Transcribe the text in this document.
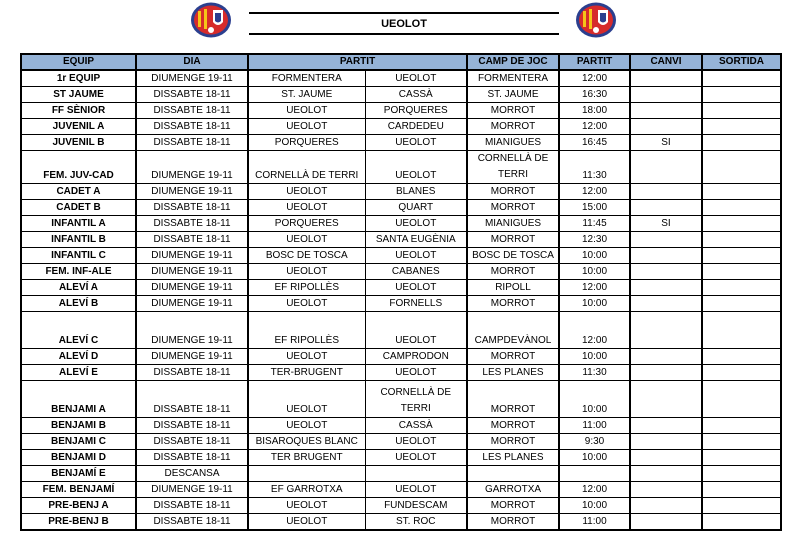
UEOLOT
EQUIP	DIA	PARTIT		CAMP DE JOC	PARTIT	CANVI	SORTIDA
1r EQUIP	DIUMENGE 19-11	FORMENTERA	UEOLOT	FORMENTERA	12:00		
ST JAUME	DISSABTE 18-11	ST. JAUME	CASSÀ	ST. JAUME	16:30		
FF SÈNIOR	DISSABTE 18-11	UEOLOT	PORQUERES	MORROT	18:00		
JUVENIL A	DISSABTE 18-11	UEOLOT	CARDEDEU	MORROT	12:00		
JUVENIL B	DISSABTE 18-11	PORQUERES	UEOLOT	MIANIGUES	16:45	SI	
FEM. JUV-CAD	DIUMENGE 19-11	CORNELLÀ DE TERRI	UEOLOT	CORNELLÀ DE TERRI	11:30		
CADET A	DIUMENGE 19-11	UEOLOT	BLANES	MORROT	12:00		
CADET B	DISSABTE 18-11	UEOLOT	QUART	MORROT	15:00		
INFANTIL A	DISSABTE 18-11	PORQUERES	UEOLOT	MIANIGUES	11:45	SI	
INFANTIL B	DISSABTE 18-11	UEOLOT	SANTA EUGÈNIA	MORROT	12:30		
INFANTIL C	DIUMENGE 19-11	BOSC DE TOSCA	UEOLOT	BOSC DE TOSCA	10:00		
FEM. INF-ALE	DIUMENGE 19-11	UEOLOT	CABANES	MORROT	10:00		
ALEVÍ A	DIUMENGE 19-11	EF RIPOLLÈS	UEOLOT	RIPOLL	12:00		
ALEVÍ B	DIUMENGE 19-11	UEOLOT	FORNELLS	MORROT	10:00		
ALEVÍ C	DIUMENGE 19-11	EF RIPOLLÈS	UEOLOT	CAMPDEVÀNOL	12:00		
ALEVÍ D	DIUMENGE 19-11	UEOLOT	CAMPRODON	MORROT	10:00		
ALEVÍ E	DISSABTE 18-11	TER-BRUGENT	UEOLOT	LES PLANES	11:30		
BENJAMI A	DISSABTE 18-11	UEOLOT	CORNELLÀ DE TERRI	MORROT	10:00		
BENJAMI B	DISSABTE 18-11	UEOLOT	CASSÀ	MORROT	11:00		
BENJAMI C	DISSABTE 18-11	BISAROQUES BLANC	UEOLOT	MORROT	9:30		
BENJAMI D	DISSABTE 18-11	TER BRUGENT	UEOLOT	LES PLANES	10:00		
BENJAMÍ E	DESCANSA						
FEM. BENJAMÍ	DIUMENGE 19-11	EF GARROTXA	UEOLOT	GARROTXA	12:00		
PRE-BENJ A	DISSABTE 18-11	UEOLOT	FUNDESCAM	MORROT	10:00		
PRE-BENJ B	DISSABTE 18-11	UEOLOT	ST. ROC	MORROT	11:00		
